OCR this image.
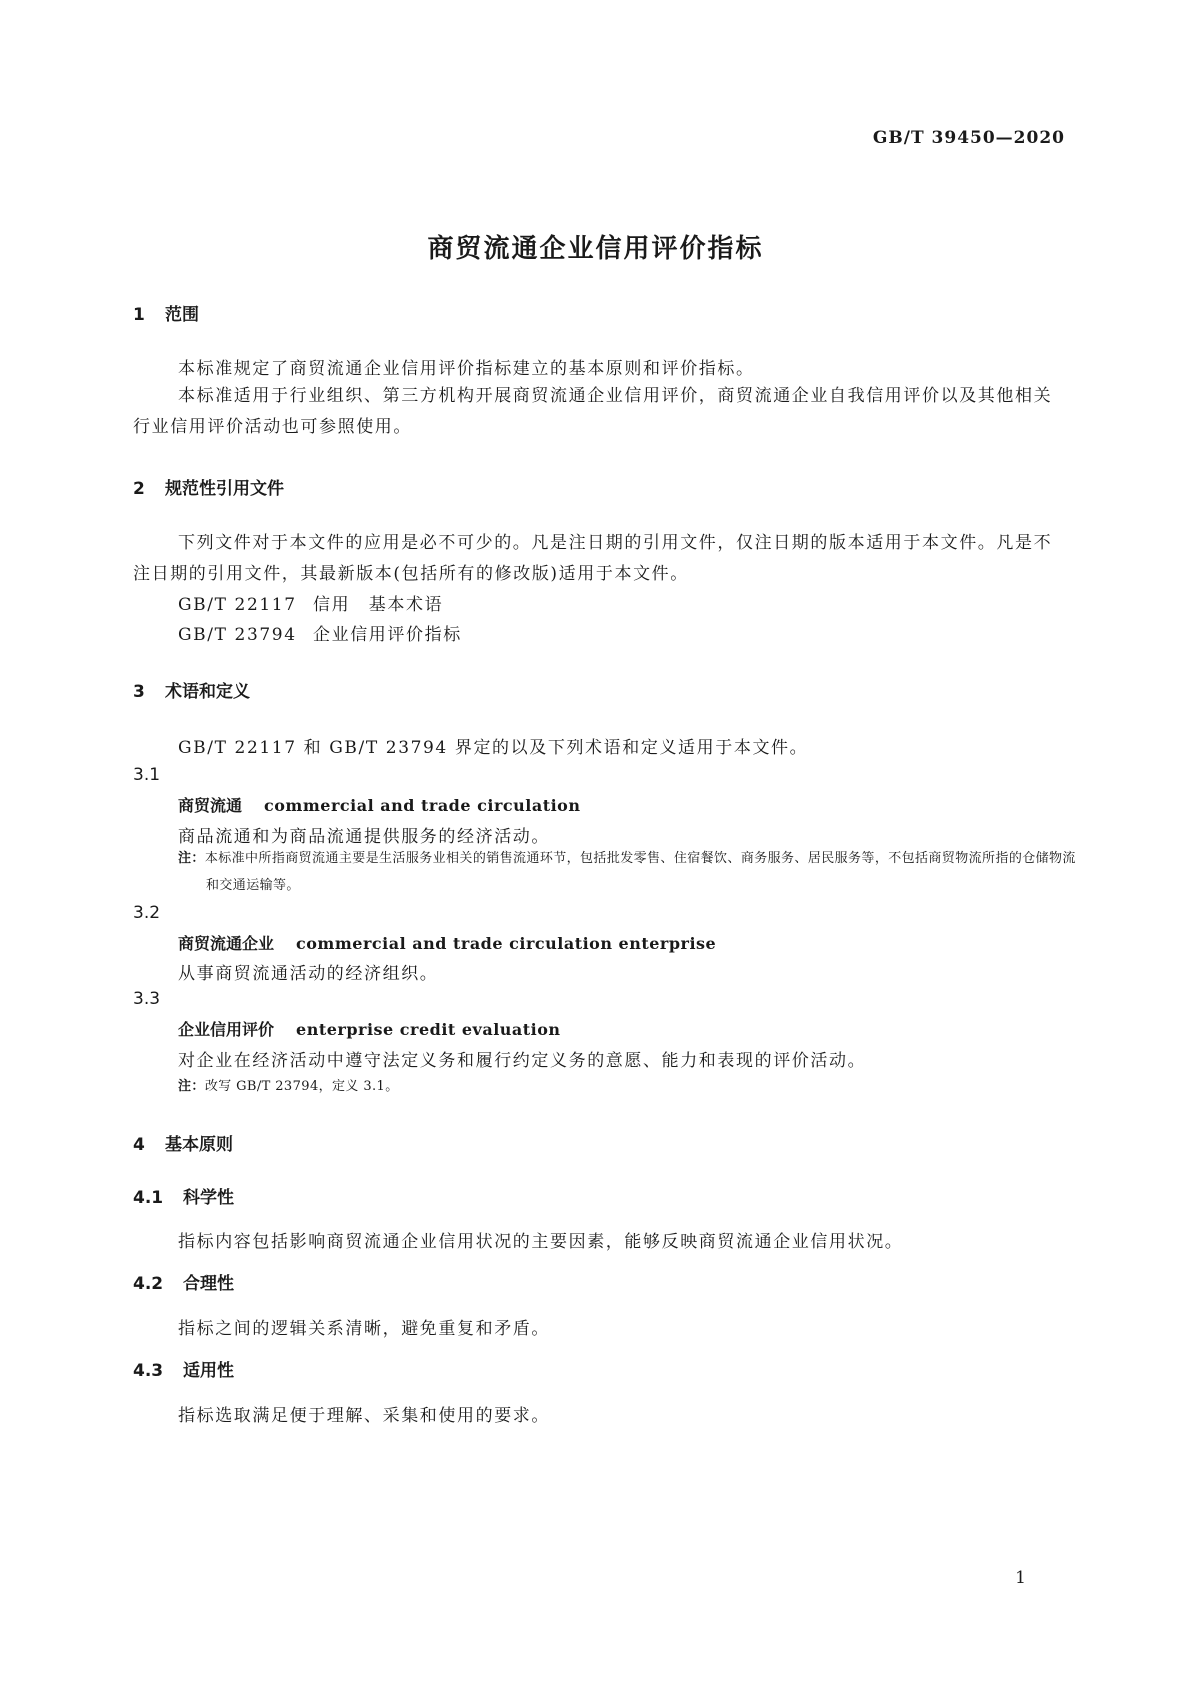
GB/T 39450—2020
商贸流通企业信用评价指标
1 范围
本标准规定了商贸流通企业信用评价指标建立的基本原则和评价指标。
本标准适用于行业组织、第三方机构开展商贸流通企业信用评价，商贸流通企业自我信用评价以及其他相关行业信用评价活动也可参照使用。
2 规范性引用文件
下列文件对于本文件的应用是必不可少的。凡是注日期的引用文件，仅注日期的版本适用于本文件。凡是不注日期的引用文件，其最新版本(包括所有的修改版)适用于本文件。
GB/T 22117 信用　基本术语
GB/T 23794 企业信用评价指标
3 术语和定义
GB/T 22117 和 GB/T 23794 界定的以及下列术语和定义适用于本文件。
3.1
商贸流通 commercial and trade circulation
商品流通和为商品流通提供服务的经济活动。
注：本标准中所指商贸流通主要是生活服务业相关的销售流通环节，包括批发零售、住宿餐饮、商务服务、居民服务等，不包括商贸物流所指的仓储物流和交通运输等。
3.2
商贸流通企业 commercial and trade circulation enterprise
从事商贸流通活动的经济组织。
3.3
企业信用评价 enterprise credit evaluation
对企业在经济活动中遵守法定义务和履行约定义务的意愿、能力和表现的评价活动。
注：改写 GB/T 23794，定义 3.1。
4 基本原则
4.1 科学性
指标内容包括影响商贸流通企业信用状况的主要因素，能够反映商贸流通企业信用状况。
4.2 合理性
指标之间的逻辑关系清晰，避免重复和矛盾。
4.3 适用性
指标选取满足便于理解、采集和使用的要求。
1
